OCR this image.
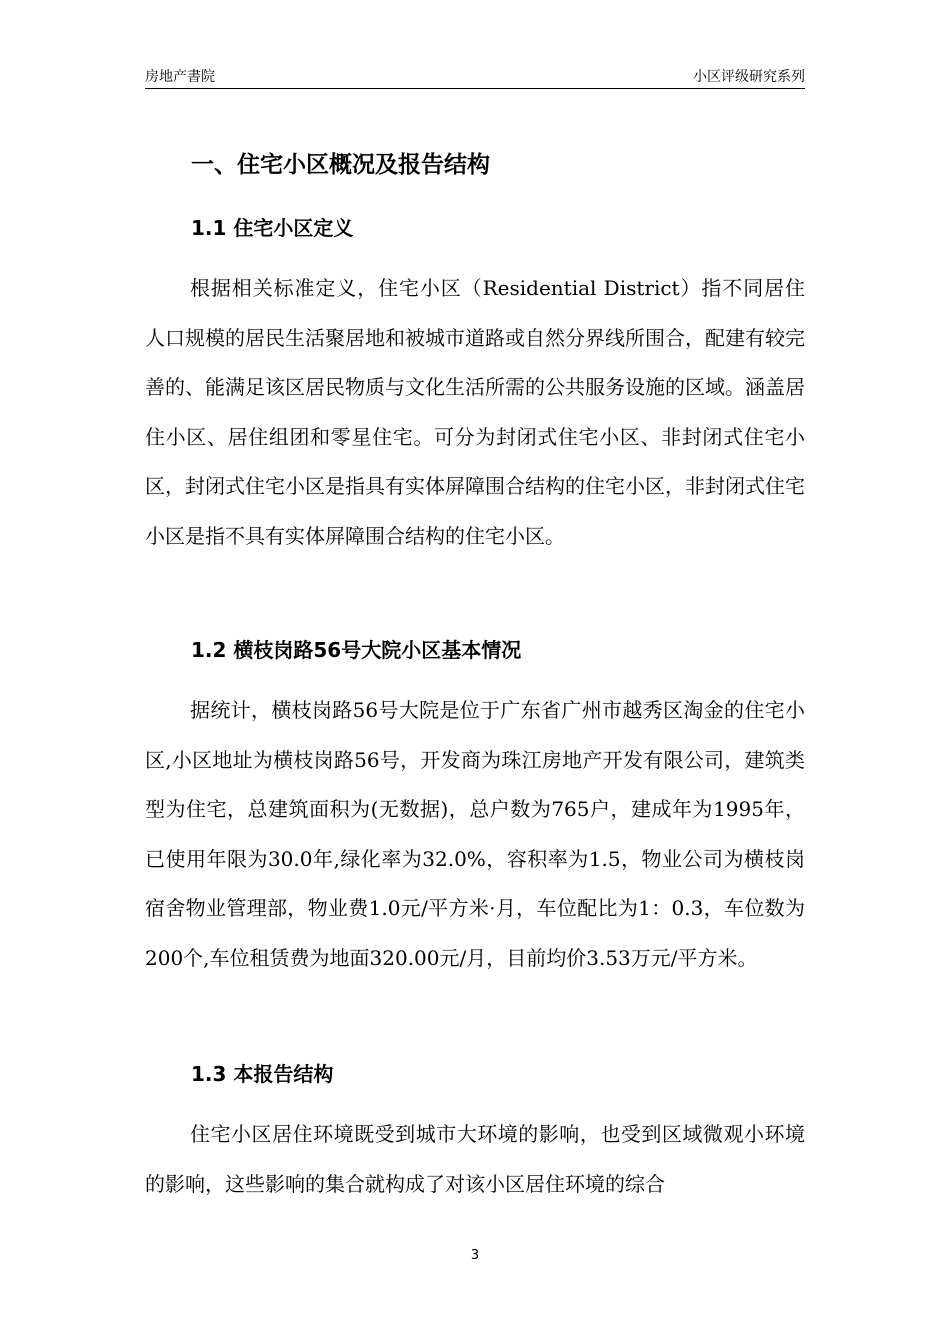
房地产書院	小区评级研究系列
一、住宅小区概况及报告结构
1.1 住宅小区定义

根据相关标准定义，住宅小区（Residential District）指不同居住人口规模的居民生活聚居地和被城市道路或自然分界线所围合，配建有较完善的、能满足该区居民物质与文化生活所需的公共服务设施的区域。涵盖居住小区、居住组团和零星住宅。可分为封闭式住宅小区、非封闭式住宅小区，封闭式住宅小区是指具有实体屏障围合结构的住宅小区，非封闭式住宅小区是指不具有实体屏障围合结构的住宅小区。

1.2 横枝岗路56号大院小区基本情况

据统计，横枝岗路56号大院是位于广东省广州市越秀区淘金的住宅小区,小区地址为横枝岗路56号，开发商为珠江房地产开发有限公司，建筑类型为住宅，总建筑面积为(无数据)，总户数为765户，建成年为1995年，已使用年限为30.0年,绿化率为32.0%，容积率为1.5，物业公司为横枝岗宿舍物业管理部，物业费1.0元/平方米·月，车位配比为1：0.3，车位数为200个,车位租赁费为地面320.00元/月，目前均价3.53万元/平方米。

1.3 本报告结构

住宅小区居住环境既受到城市大环境的影响，也受到区域微观小环境的影响，这些影响的集合就构成了对该小区居住环境的综合

3
